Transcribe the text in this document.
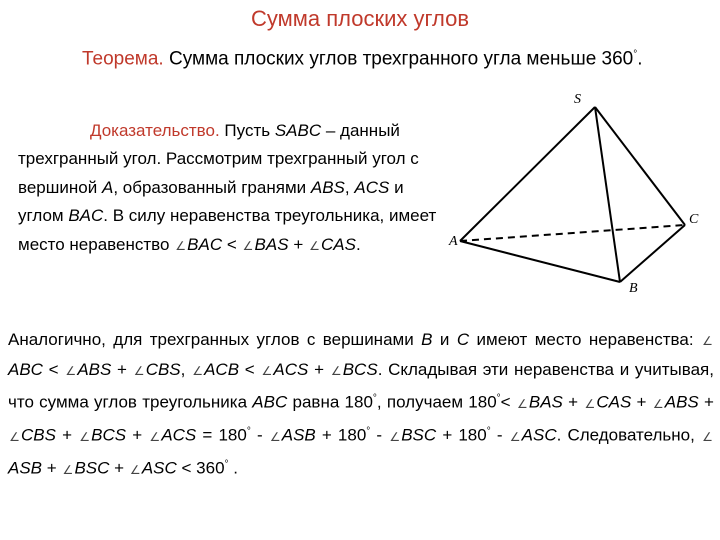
Сумма плоских углов
Теорема. Сумма плоских углов трехгранного угла меньше 360°.
Доказательство. Пусть SABC – данный трехгранный угол. Рассмотрим трехгранный угол с вершиной A, образованный гранями ABS, ACS и углом BAC. В силу неравенства треугольника, имеет место неравенство ∠BAC < ∠BAS + ∠CAS.
S
A
B
C
Аналогично, для трехгранных углов с вершинами B и C имеют место неравенства: ∠ABC < ∠ABS + ∠CBS, ∠ACB < ∠ACS + ∠BCS. Складывая эти неравенства и учитывая, что сумма углов треугольника ABC равна 180°, получаем 180°< ∠BAS + ∠CAS + ∠ABS + ∠CBS + ∠BCS + ∠ACS = 180° - ∠ASB + 180° - ∠BSC + 180° - ∠ASC. Следовательно, ∠ASB + ∠BSC + ∠ASC < 360° .
